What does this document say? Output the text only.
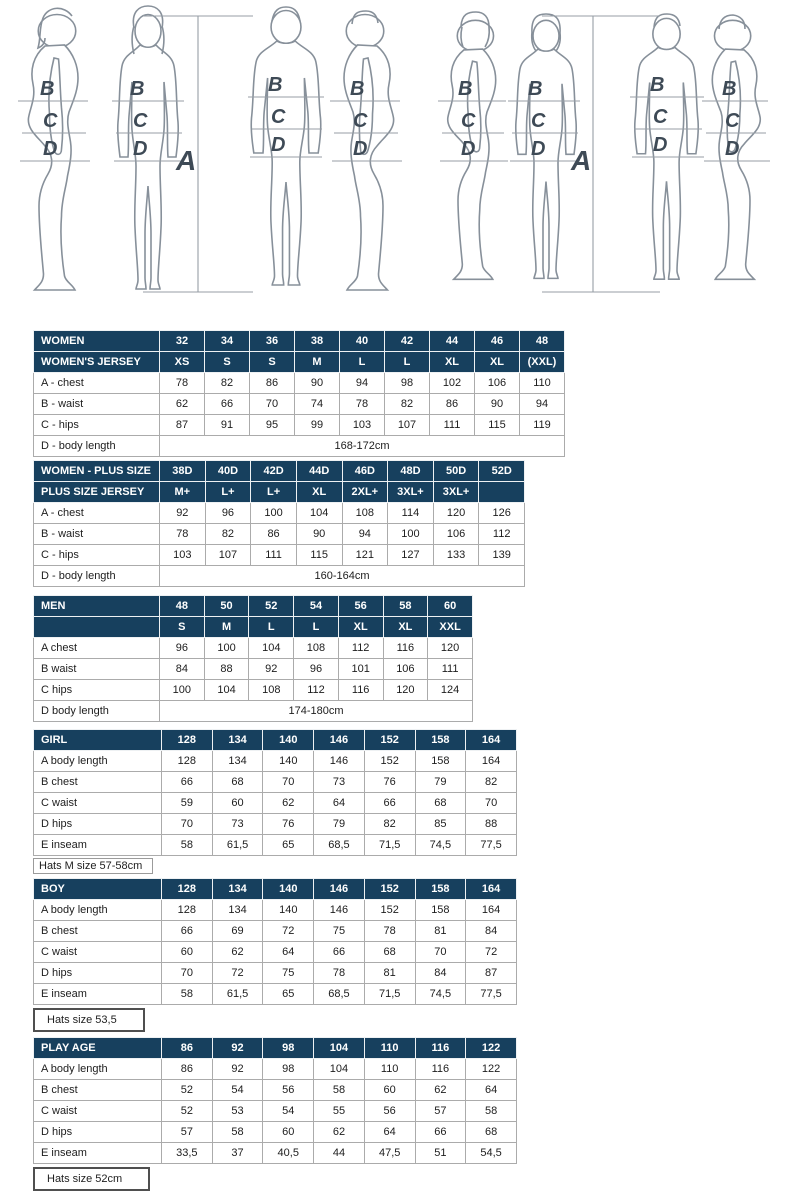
B
C
D
B
C
D A
B
C
D
B
C
D
B
C
D
B
C
D A
B
C
D
B
C
D
WOMEN	32	34	36	38	40	42	44	46	48
WOMEN'S JERSEY	XS	S	S	M	L	L	XL	XL	(XXL)
A - chest	78	82	86	90	94	98	102	106	110
B - waist	62	66	70	74	78	82	86	90	94
C - hips	87	91	95	99	103	107	111	115	119
D - body length	168-172cm								
WOMEN - PLUS SIZE	38D	40D	42D	44D	46D	48D	50D	52D
PLUS SIZE JERSEY	M+	L+	L+	XL	2XL+	3XL+	3XL+	
A - chest	92	96	100	104	108	114	120	126
B - waist	78	82	86	90	94	100	106	112
C - hips	103	107	111	115	121	127	133	139
D - body length	160-164cm							
MEN	48	50	52	54	56	58	60
	S	M	L	L	XL	XL	XXL
A chest	96	100	104	108	112	116	120
B waist	84	88	92	96	101	106	111
C hips	100	104	108	112	116	120	124
D body length	174-180cm						
GIRL	128	134	140	146	152	158	164
A body length	128	134	140	146	152	158	164
B chest	66	68	70	73	76	79	82
C waist	59	60	62	64	66	68	70
D hips	70	73	76	79	82	85	88
E inseam	58	61,5	65	68,5	71,5	74,5	77,5
Hats M size 57-58cm
BOY	128	134	140	146	152	158	164
A body length	128	134	140	146	152	158	164
B chest	66	69	72	75	78	81	84
C waist	60	62	64	66	68	70	72
D hips	70	72	75	78	81	84	87
E inseam	58	61,5	65	68,5	71,5	74,5	77,5
Hats size 53,5
PLAY AGE	86	92	98	104	110	116	122
A body length	86	92	98	104	110	116	122
B chest	52	54	56	58	60	62	64
C waist	52	53	54	55	56	57	58
D hips	57	58	60	62	64	66	68
E inseam	33,5	37	40,5	44	47,5	51	54,5
Hats size 52cm
